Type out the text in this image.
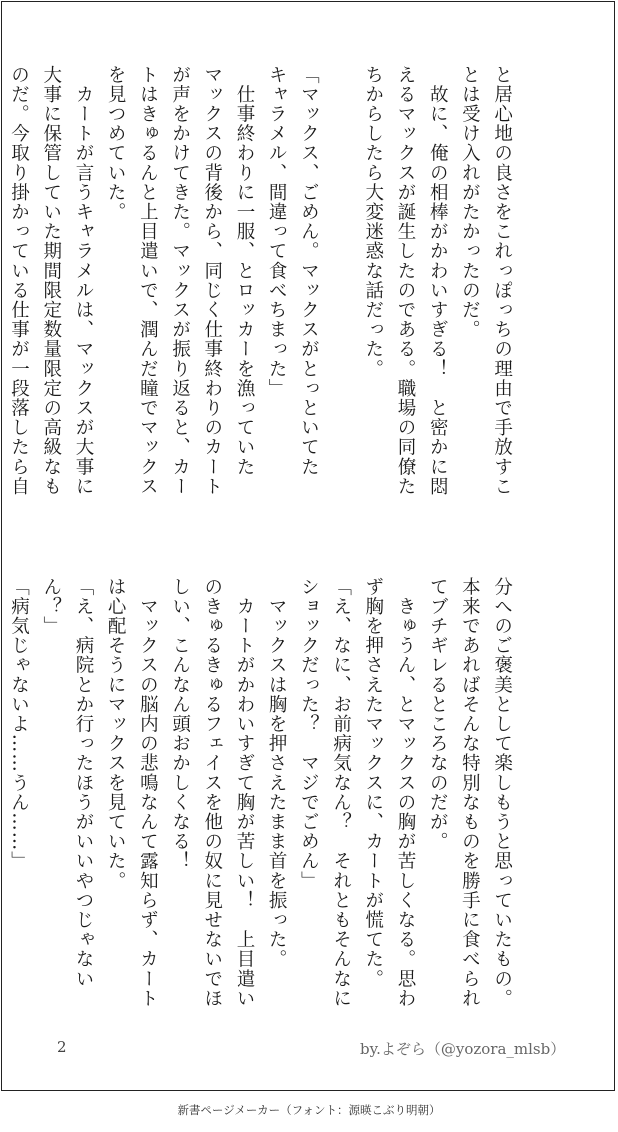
と居心地の良さをこれっぽっちの理由で手放すこ
とは受け入れがたかったのだ。
　故に、俺の相棒がかわいすぎる！　と密かに悶
えるマックスが誕生したのである。職場の同僚た
ちからしたら大変迷惑な話だった。
「マックス、ごめん。マックスがとっといてた
キャラメル、間違って食べちまった」
　仕事終わりに一服、とロッカーを漁っていた
マックスの背後から、同じく仕事終わりのカート
が声をかけてきた。マックスが振り返ると、カー
トはきゅるんと上目遣いで、潤んだ瞳でマックス
を見つめていた。
　カートが言うキャラメルは、マックスが大事に
大事に保管していた期間限定数量限定の高級なも
のだ。今取り掛かっている仕事が一段落したら自

分へのご褒美として楽しもうと思っていたもの。
本来であればそんな特別なものを勝手に食べられ
てブチギレるところなのだが。
　きゅうん、とマックスの胸が苦しくなる。思わ
ず胸を押さえたマックスに、カートが慌てた。
「え、なに、お前病気なん？　それともそんなに
ショックだった？　マジでごめん」
　マックスは胸を押さえたまま首を振った。
　カートがかわいすぎて胸が苦しい！　上目遣い
のきゅるきゅるフェイスを他の奴に見せないでほ
しい、こんなん頭おかしくなる！
　マックスの脳内の悲鳴なんて露知らず、カート
は心配そうにマックスを見ていた。
「え、病院とか行ったほうがいいやつじゃない
ん？」
「病気じゃないよ……うん……」

2	by.よぞら（@yozora_mlsb）
新書ページメーカー（フォント：源暎こぶり明朝）
